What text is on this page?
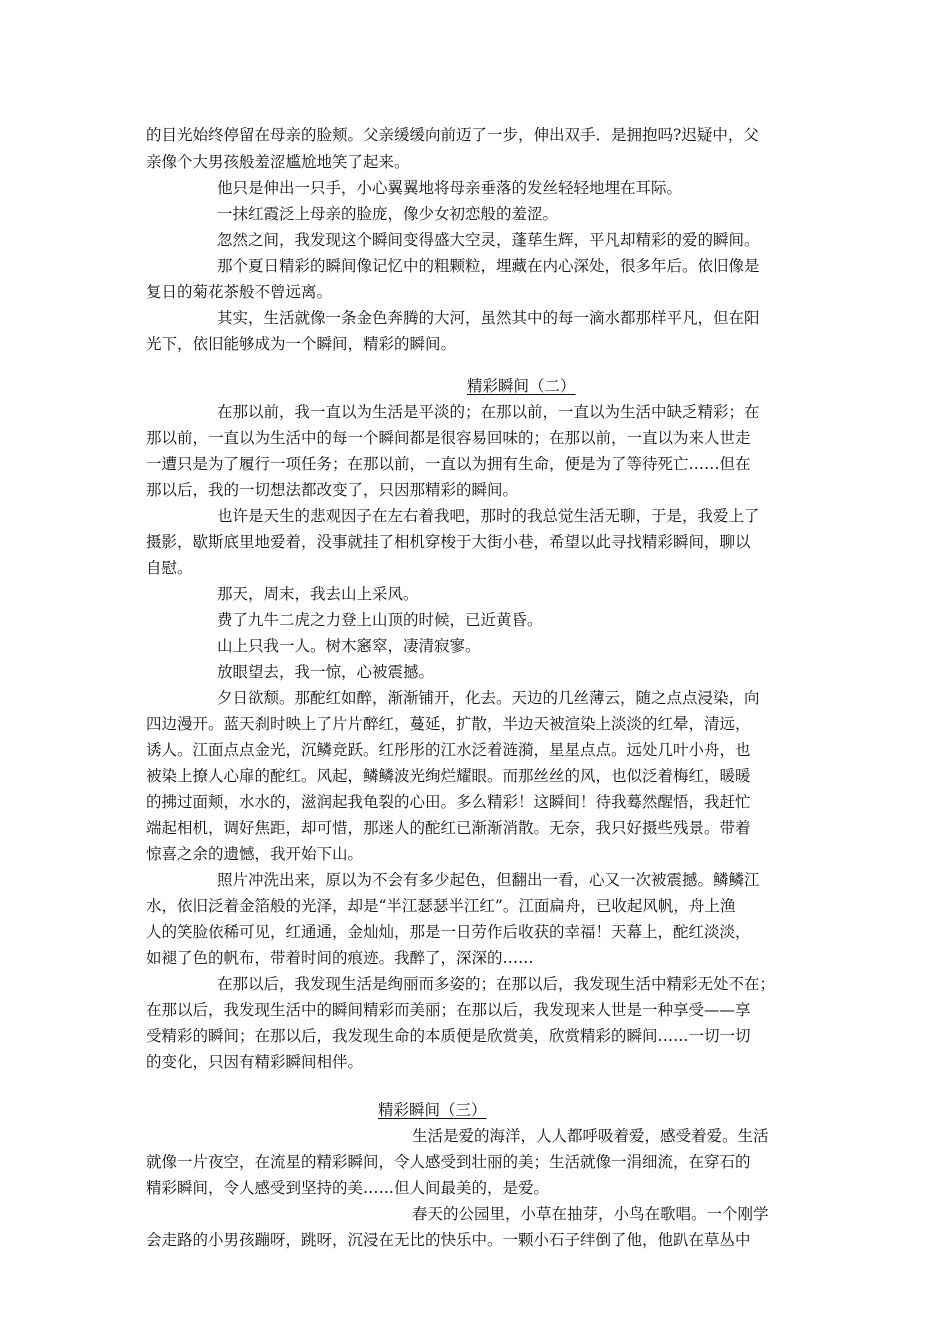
的目光始终停留在母亲的脸颊。父亲缓缓向前迈了一步，伸出双手．是拥抱吗?迟疑中，父
亲像个大男孩般羞涩尴尬地笑了起来。
他只是伸出一只手，小心翼翼地将母亲垂落的发丝轻轻地埋在耳际。
一抹红霞泛上母亲的脸庞，像少女初恋般的羞涩。
忽然之间，我发现这个瞬间变得盛大空灵，蓬荜生辉，平凡却精彩的爱的瞬间。
那个夏日精彩的瞬间像记忆中的粗颗粒，埋藏在内心深处，很多年后。依旧像是
复日的菊花茶般不曾远离。
其实，生活就像一条金色奔腾的大河，虽然其中的每一滴水都那样平凡，但在阳
光下，依旧能够成为一个瞬间，精彩的瞬间。
精彩瞬间（二）
在那以前，我一直以为生活是平淡的；在那以前，一直以为生活中缺乏精彩；在
那以前，一直以为生活中的每一个瞬间都是很容易回味的；在那以前，一直以为来人世走
一遭只是为了履行一项任务；在那以前，一直以为拥有生命，便是为了等待死亡……但在
那以后，我的一切想法都改变了，只因那精彩的瞬间。
也许是天生的悲观因子在左右着我吧，那时的我总觉生活无聊，于是，我爱上了
摄影，歇斯底里地爱着，没事就挂了相机穿梭于大街小巷，希望以此寻找精彩瞬间，聊以
自慰。
那天，周末，我去山上采风。
费了九牛二虎之力登上山顶的时候，已近黄昏。
山上只我一人。树木窸窣，凄清寂寥。
放眼望去，我一惊，心被震撼。
夕日欲颓。那酡红如醉，渐渐铺开，化去。天边的几丝薄云，随之点点浸染，向
四边漫开。蓝天刹时映上了片片醉红，蔓延，扩散，半边天被渲染上淡淡的红晕，清远，
诱人。江面点点金光，沉鳞竞跃。红彤彤的江水泛着涟漪，星星点点。远处几叶小舟，也
被染上撩人心扉的酡红。风起，鳞鳞波光绚烂耀眼。而那丝丝的风，也似泛着梅红，暖暖
的拂过面颊，水水的，滋润起我龟裂的心田。多么精彩！这瞬间！待我蓦然醒悟，我赶忙
端起相机，调好焦距，却可惜，那迷人的酡红已渐渐消散。无奈，我只好摄些残景。带着
惊喜之余的遗憾，我开始下山。
照片冲洗出来，原以为不会有多少起色，但翻出一看，心又一次被震撼。鳞鳞江
水，依旧泛着金箔般的光泽，却是“半江瑟瑟半江红”。江面扁舟，已收起风帆，舟上渔
人的笑脸依稀可见，红通通，金灿灿，那是一日劳作后收获的幸福！天幕上，酡红淡淡，
如褪了色的帆布，带着时间的痕迹。我醉了，深深的……
在那以后，我发现生活是绚丽而多姿的；在那以后，我发现生活中精彩无处不在；
在那以后，我发现生活中的瞬间精彩而美丽；在那以后，我发现来人世是一种享受——享
受精彩的瞬间；在那以后，我发现生命的本质便是欣赏美，欣赏精彩的瞬间……一切一切
的变化，只因有精彩瞬间相伴。
精彩瞬间（三）
生活是爱的海洋，人人都呼吸着爱，感受着爱。生活
就像一片夜空，在流星的精彩瞬间，令人感受到壮丽的美；生活就像一涓细流，在穿石的
精彩瞬间，令人感受到坚持的美……但人间最美的，是爱。
春天的公园里，小草在抽芽，小鸟在歌唱。一个刚学
会走路的小男孩蹦呀，跳呀，沉浸在无比的快乐中。一颗小石子绊倒了他，他趴在草丛中
